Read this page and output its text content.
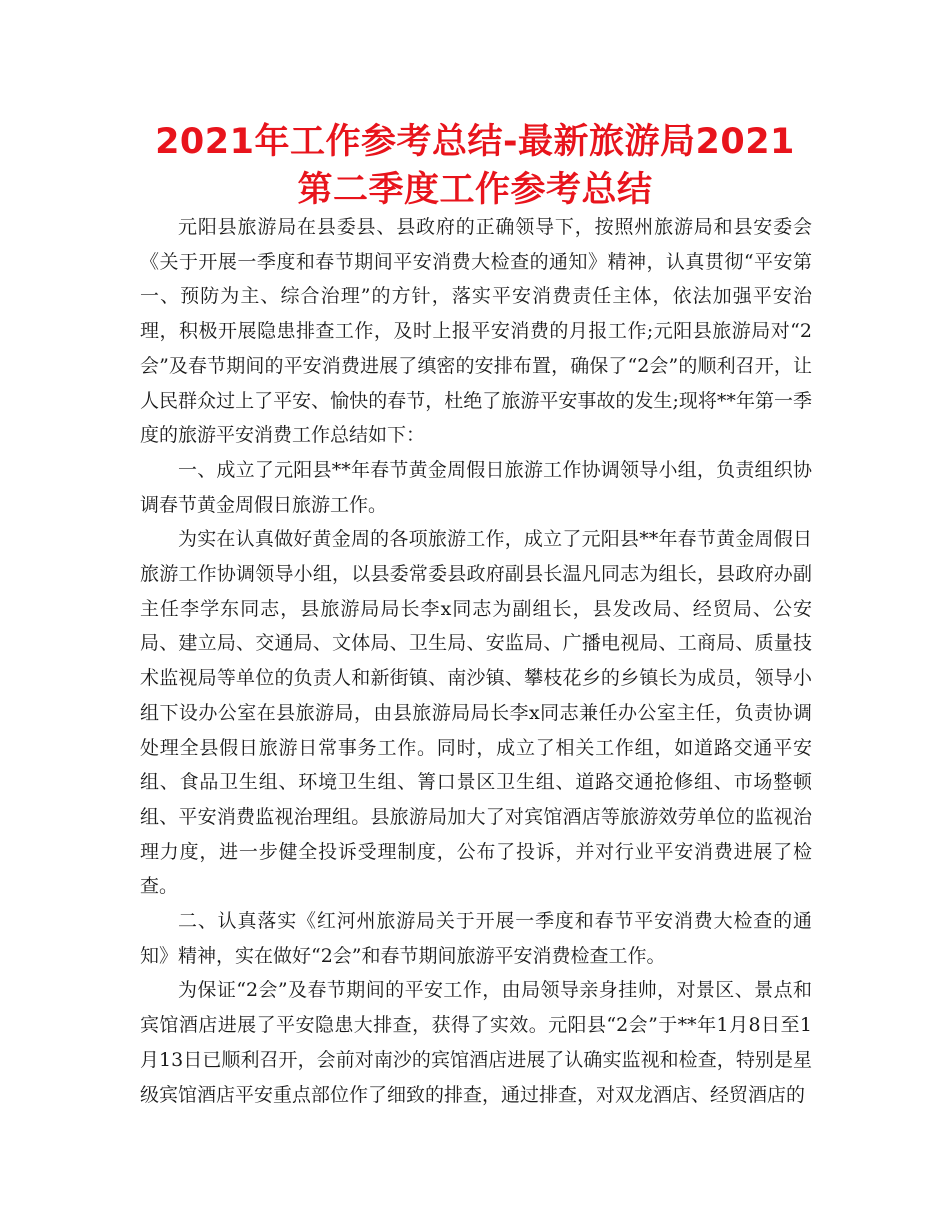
2021年工作参考总结-最新旅游局2021第二季度工作参考总结

元阳县旅游局在县委县、县政府的正确领导下，按照州旅游局和县安委会《关于开展一季度和春节期间平安消费大检查的通知》精神，认真贯彻“平安第一、预防为主、综合治理”的方针，落实平安消费责任主体，依法加强平安治理，积极开展隐患排查工作，及时上报平安消费的月报工作;元阳县旅游局对“2会”及春节期间的平安消费进展了缜密的安排布置，确保了“2会”的顺利召开，让人民群众过上了平安、愉快的春节，杜绝了旅游平安事故的发生;现将**年第一季度的旅游平安消费工作总结如下：

一、成立了元阳县**年春节黄金周假日旅游工作协调领导小组，负责组织协调春节黄金周假日旅游工作。

为实在认真做好黄金周的各项旅游工作，成立了元阳县**年春节黄金周假日旅游工作协调领导小组，以县委常委县政府副县长温凡同志为组长，县政府办副主任李学东同志，县旅游局局长李x同志为副组长，县发改局、经贸局、公安局、建立局、交通局、文体局、卫生局、安监局、广播电视局、工商局、质量技术监视局等单位的负责人和新街镇、南沙镇、攀枝花乡的乡镇长为成员，领导小组下设办公室在县旅游局，由县旅游局局长李x同志兼任办公室主任，负责协调处理全县假日旅游日常事务工作。同时，成立了相关工作组，如道路交通平安组、食品卫生组、环境卫生组、箐口景区卫生组、道路交通抢修组、市场整顿组、平安消费监视治理组。县旅游局加大了对宾馆酒店等旅游效劳单位的监视治理力度，进一步健全投诉受理制度，公布了投诉，并对行业平安消费进展了检查。

二、认真落实《红河州旅游局关于开展一季度和春节平安消费大检查的通知》精神，实在做好“2会”和春节期间旅游平安消费检查工作。

为保证“2会”及春节期间的平安工作，由局领导亲身挂帅，对景区、景点和宾馆酒店进展了平安隐患大排查，获得了实效。元阳县“2会”于**年1月8日至1月13日已顺利召开，会前对南沙的宾馆酒店进展了认确实监视和检查，特别是星级宾馆酒店平安重点部位作了细致的排查，通过排查，对双龙酒店、经贸酒店的
